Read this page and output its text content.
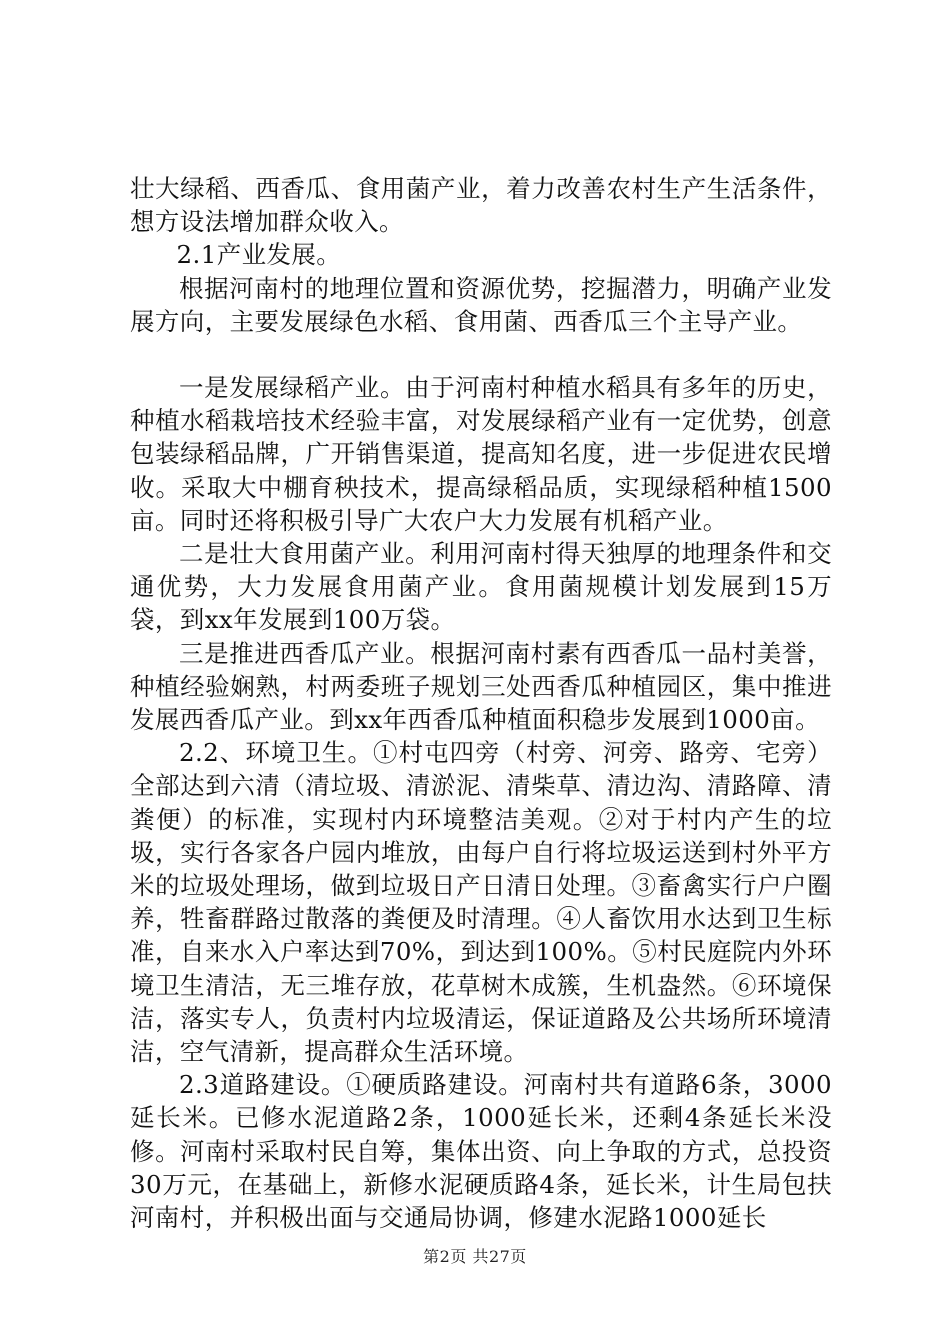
壮大绿稻、西香瓜、食用菌产业，着力改善农村生产生活条件，想方设法增加群众收入。

2.1产业发展。

根据河南村的地理位置和资源优势，挖掘潜力，明确产业发展方向，主要发展绿色水稻、食用菌、西香瓜三个主导产业。

一是发展绿稻产业。由于河南村种植水稻具有多年的历史，种植水稻栽培技术经验丰富，对发展绿稻产业有一定优势，创意包装绿稻品牌，广开销售渠道，提高知名度，进一步促进农民增收。采取大中棚育秧技术，提高绿稻品质，实现绿稻种植1500亩。同时还将积极引导广大农户大力发展有机稻产业。

二是壮大食用菌产业。利用河南村得天独厚的地理条件和交通优势，大力发展食用菌产业。食用菌规模计划发展到15万袋，到xx年发展到100万袋。

三是推进西香瓜产业。根据河南村素有西香瓜一品村美誉，种植经验娴熟，村两委班子规划三处西香瓜种植园区，集中推进发展西香瓜产业。到xx年西香瓜种植面积稳步发展到1000亩。

2.2、环境卫生。①村屯四旁（村旁、河旁、路旁、宅旁）全部达到六清（清垃圾、清淤泥、清柴草、清边沟、清路障、清粪便）的标准，实现村内环境整洁美观。②对于村内产生的垃圾，实行各家各户园内堆放，由每户自行将垃圾运送到村外平方米的垃圾处理场，做到垃圾日产日清日处理。③畜禽实行户户圈养，牲畜群路过散落的粪便及时清理。④人畜饮用水达到卫生标准，自来水入户率达到70%，到达到100%。⑤村民庭院内外环境卫生清洁，无三堆存放，花草树木成簇，生机盎然。⑥环境保洁，落实专人，负责村内垃圾清运，保证道路及公共场所环境清洁，空气清新，提高群众生活环境。

2.3道路建设。①硬质路建设。河南村共有道路6条，3000延长米。已修水泥道路2条，1000延长米，还剩4条延长米没修。河南村采取村民自筹，集体出资、向上争取的方式，总投资30万元，在基础上，新修水泥硬质路4条，延长米，计生局包扶河南村，并积极出面与交通局协调，修建水泥路1000延长

第2页 共27页
